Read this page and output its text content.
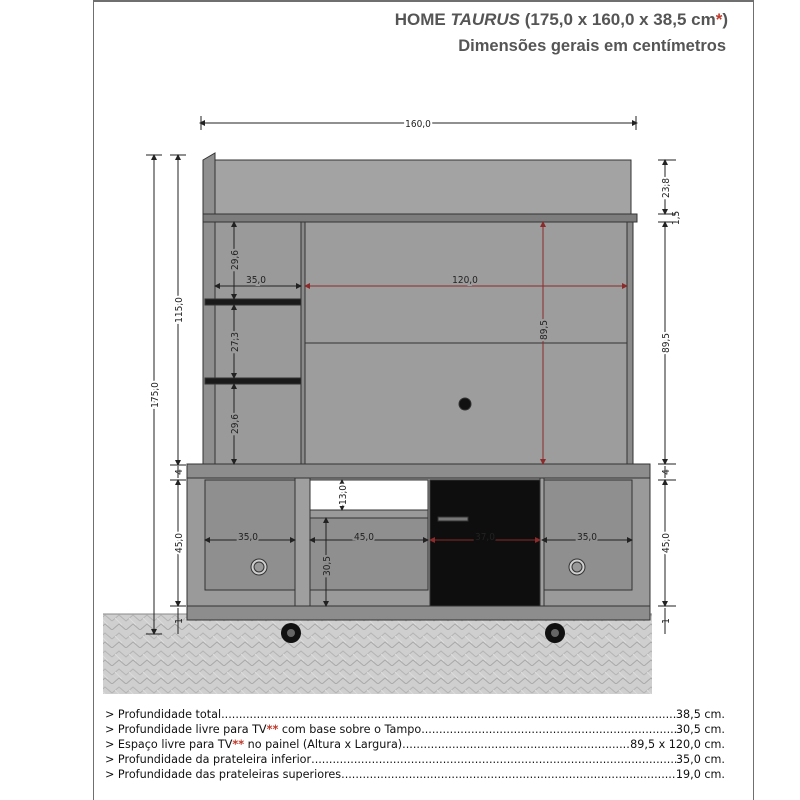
HOME TAURUS (175,0 x 160,0 x 38,5 cm*)
Dimensões gerais em centímetros
160,0
175,0
115,0
4
45,0
1
23,8
1,5
89,5
4
45,0
1
29,6
35,0
27,3
29,6
120,0
89,5
35,0	45,0	37,0	35,0
13,0
30,5
> Profundidade total .....	38,5 cm.
> Profundidade livre para TV** com base sobre o Tampo .....	30,5 cm.
> Espaço livre para TV** no painel (Altura x Largura) .....	89,5 x 120,0 cm.
> Profundidade da prateleira inferior .....	35,0 cm.
> Profundidade das prateleiras superiores .....	19,0 cm.
